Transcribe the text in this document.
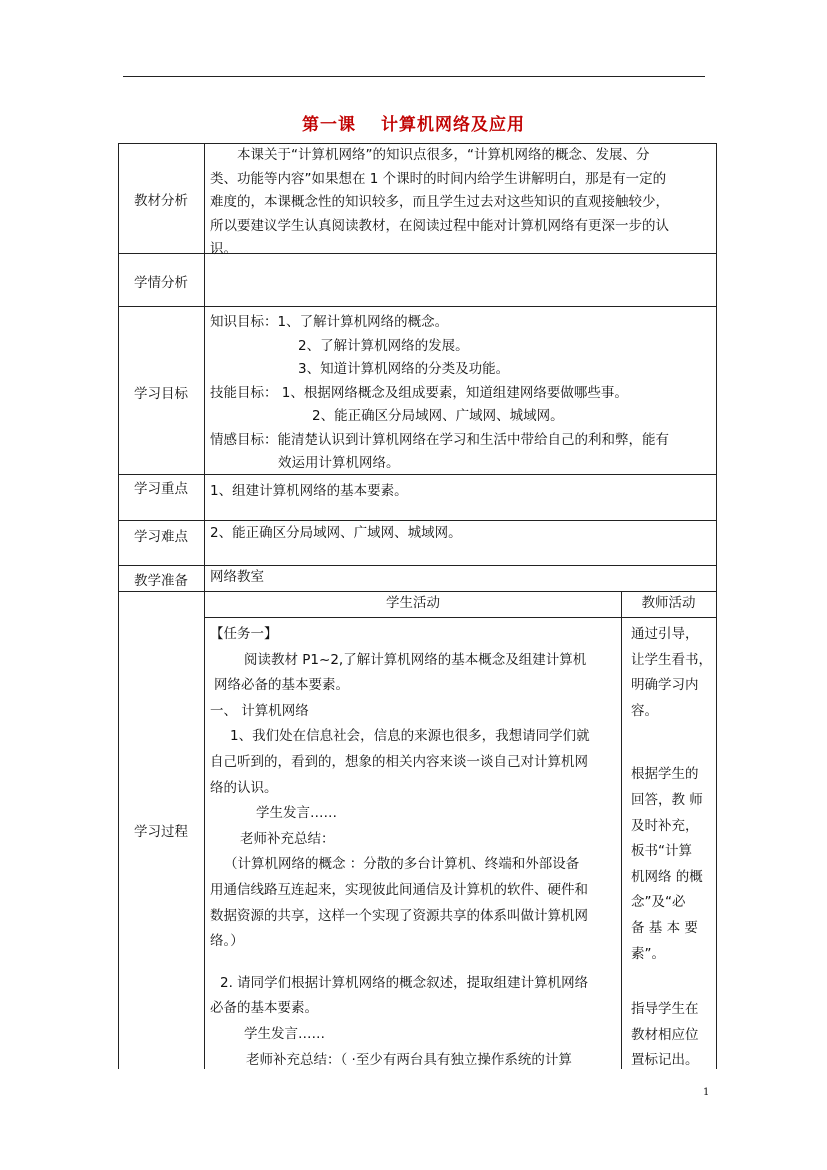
第一课　 计算机网络及应用
教材分析
学情分析
学习目标
学习重点
学习难点
教学准备
学习过程
　　本课关于“计算机网络”的知识点很多，“计算机网络的概念、发展、分
类、功能等内容”如果想在 1 个课时的时间内给学生讲解明白，那是有一定的
难度的，本课概念性的知识较多，而且学生过去对这些知识的直观接触较少，
所以要建议学生认真阅读教材，在阅读过程中能对计算机网络有更深一步的认
识。
知识目标：1、了解计算机网络的概念。
2、了解计算机网络的发展。
3、知道计算机网络的分类及功能。
技能目标： 1、根据网络概念及组成要素，知道组建网络要做哪些事。
2、能正确区分局域网、广域网、城域网。
情感目标：能清楚认识到计算机网络在学习和生活中带给自己的利和弊，能有
效运用计算机网络。
1、组建计算机网络的基本要素。
2、能正确区分局域网、广域网、城域网。
网络教室
学生活动	教师活动
【任务一】
阅读教材 P1~2,了解计算机网络的基本概念及组建计算机
网络必备的基本要素。
一、 计算机网络
1、我们处在信息社会，信息的来源也很多，我想请同学们就
自己听到的，看到的，想象的相关内容来谈一谈自己对计算机网
络的认识。
学生发言……
老师补充总结：
（计算机网络的概念 ：分散的多台计算机、终端和外部设备
用通信线路互连起来，实现彼此间通信及计算机的软件、硬件和
数据资源的共享，这样一个实现了资源共享的体系叫做计算机网
络。）
2. 请同学们根据计算机网络的概念叙述，提取组建计算机网络
必备的基本要素。
学生发言……
老师补充总结：（ ·至少有两台具有独立操作系统的计算
通过引导，
让学生看书，
明确学习内
容。
根据学生的
回答，教 师
及时补充，
板书“计算
机网络 的概
念”及“必
备 基 本 要
素”。
指导学生在
教材相应位
置标记出。
1
